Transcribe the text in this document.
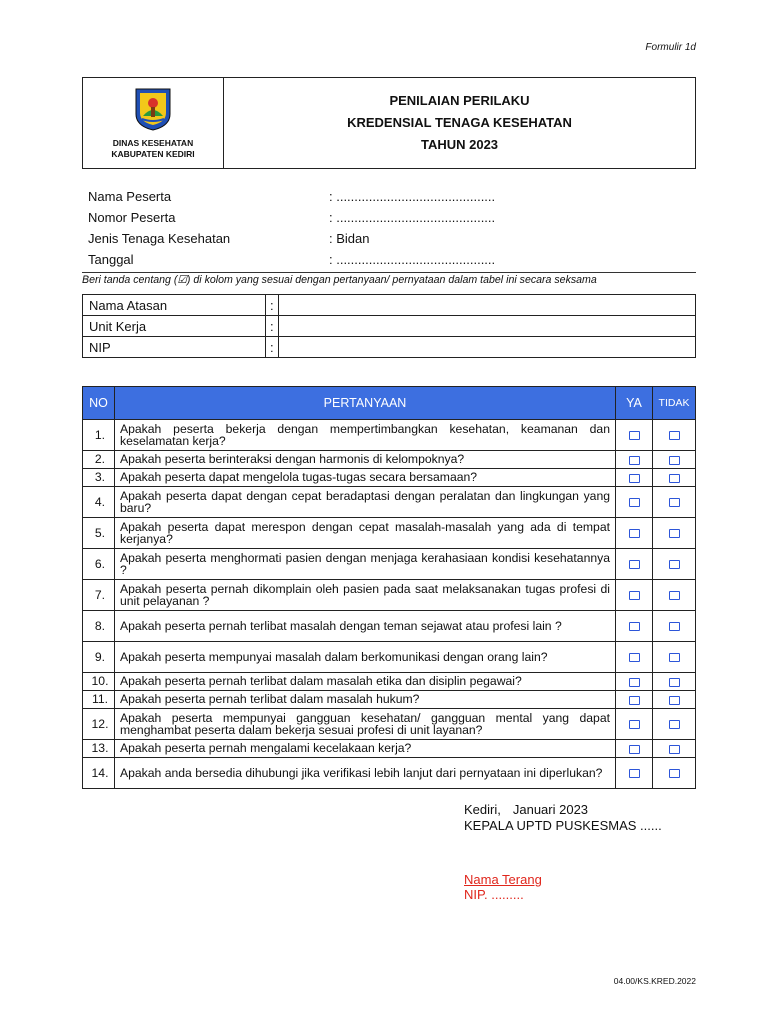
Formulir 1d
DINAS KESEHATAN
KABUPATEN KEDIRI
PENILAIAN PERILAKU
KREDENSIAL TENAGA KESEHATAN
TAHUN 2023
Nama Peserta	: ............................................
Nomor Peserta	: ............................................
Jenis Tenaga Kesehatan	: Bidan
Tanggal	: ............................................
Beri tanda centang (☑) di kolom yang sesuai dengan pertanyaan/ pernyataan dalam tabel ini secara seksama
Nama Atasan	:	
Unit Kerja	:	
NIP	:	
NO	PERTANYAAN	YA	TIDAK
1.	Apakah peserta bekerja dengan mempertimbangkan kesehatan, keamanan dan keselamatan kerja?		
2.	Apakah peserta berinteraksi dengan harmonis di kelompoknya?		
3.	Apakah peserta dapat mengelola tugas-tugas secara bersamaan?		
4.	Apakah peserta dapat dengan cepat beradaptasi dengan peralatan dan lingkungan yang baru?		
5.	Apakah peserta dapat merespon dengan cepat masalah-masalah yang ada di tempat kerjanya?		
6.	Apakah peserta menghormati pasien dengan menjaga kerahasiaan kondisi kesehatannya ?		
7.	Apakah peserta pernah dikomplain oleh pasien pada saat melaksanakan tugas profesi di unit pelayanan ?		
8.	Apakah peserta pernah terlibat masalah dengan teman sejawat atau profesi lain ?		
9.	Apakah peserta mempunyai masalah dalam berkomunikasi dengan orang lain?		
10.	Apakah peserta pernah terlibat dalam masalah etika dan disiplin pegawai?		
11.	Apakah peserta pernah terlibat dalam masalah hukum?		
12.	Apakah peserta mempunyai gangguan kesehatan/ gangguan mental yang dapat menghambat peserta dalam bekerja sesuai profesi di unit layanan?		
13.	Apakah peserta pernah mengalami kecelakaan kerja?		
14.	Apakah anda bersedia dihubungi jika verifikasi lebih lanjut dari pernyataan ini diperlukan?		
Kediri, Januari 2023
KEPALA UPTD PUSKESMAS ......
Nama Terang
NIP. .........
04.00/KS.KRED.2022
